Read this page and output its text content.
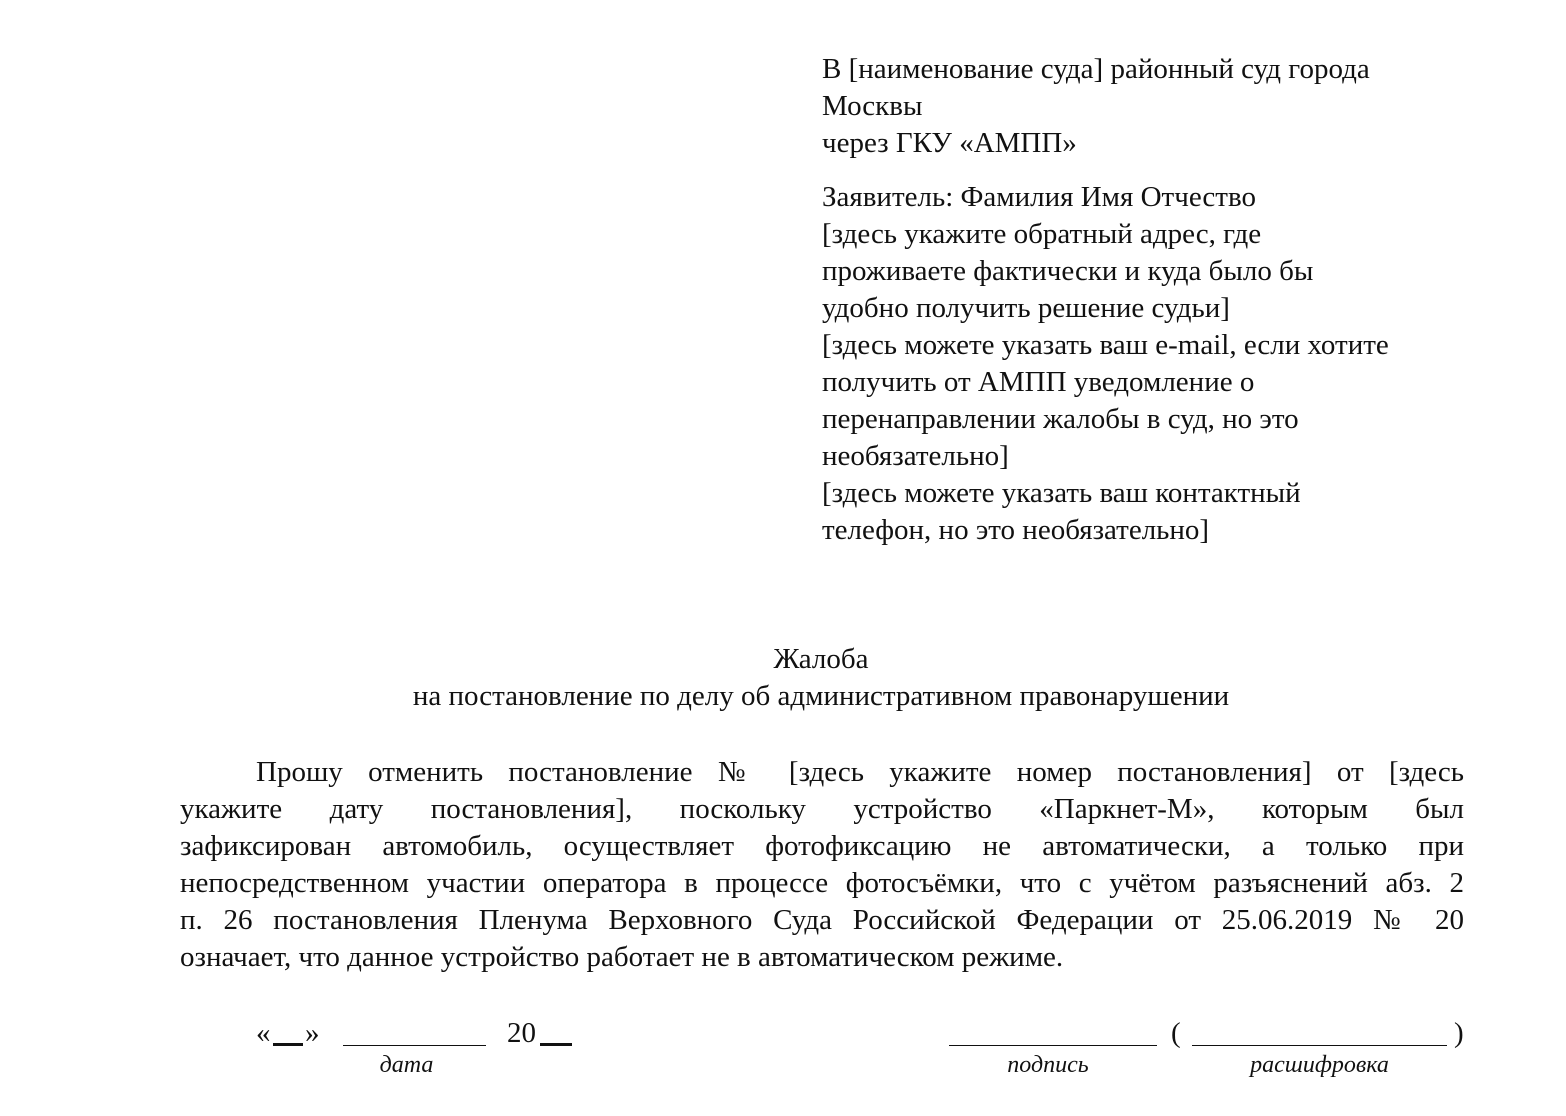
В [наименование суда] районный суд города
Москвы
через ГКУ «АМПП»
Заявитель: Фамилия Имя Отчество
[здесь укажите обратный адрес, где
проживаете фактически и куда было бы
удобно получить решение судьи]
[здесь можете указать ваш e-mail, если хотите
получить от АМПП уведомление о
перенаправлении жалобы в суд, но это
необязательно]
[здесь можете указать ваш контактный
телефон, но это необязательно]
Жалоба
на постановление по делу об административном правонарушении
Прошу отменить постановление № [здесь укажите номер постановления] от [здесь
укажите дату постановления], поскольку устройство «Паркнет-М», которым был
зафиксирован автомобиль, осуществляет фотофиксацию не автоматически, а только при
непосредственном участии оператора в процессе фотосъёмки, что с учётом разъяснений абз. 2
п. 26 постановления Пленума Верховного Суда Российской Федерации от 25.06.2019 № 20
означает, что данное устройство работает не в автоматическом режиме.
« »	20
дата
(	)
подпись	расшифровка
